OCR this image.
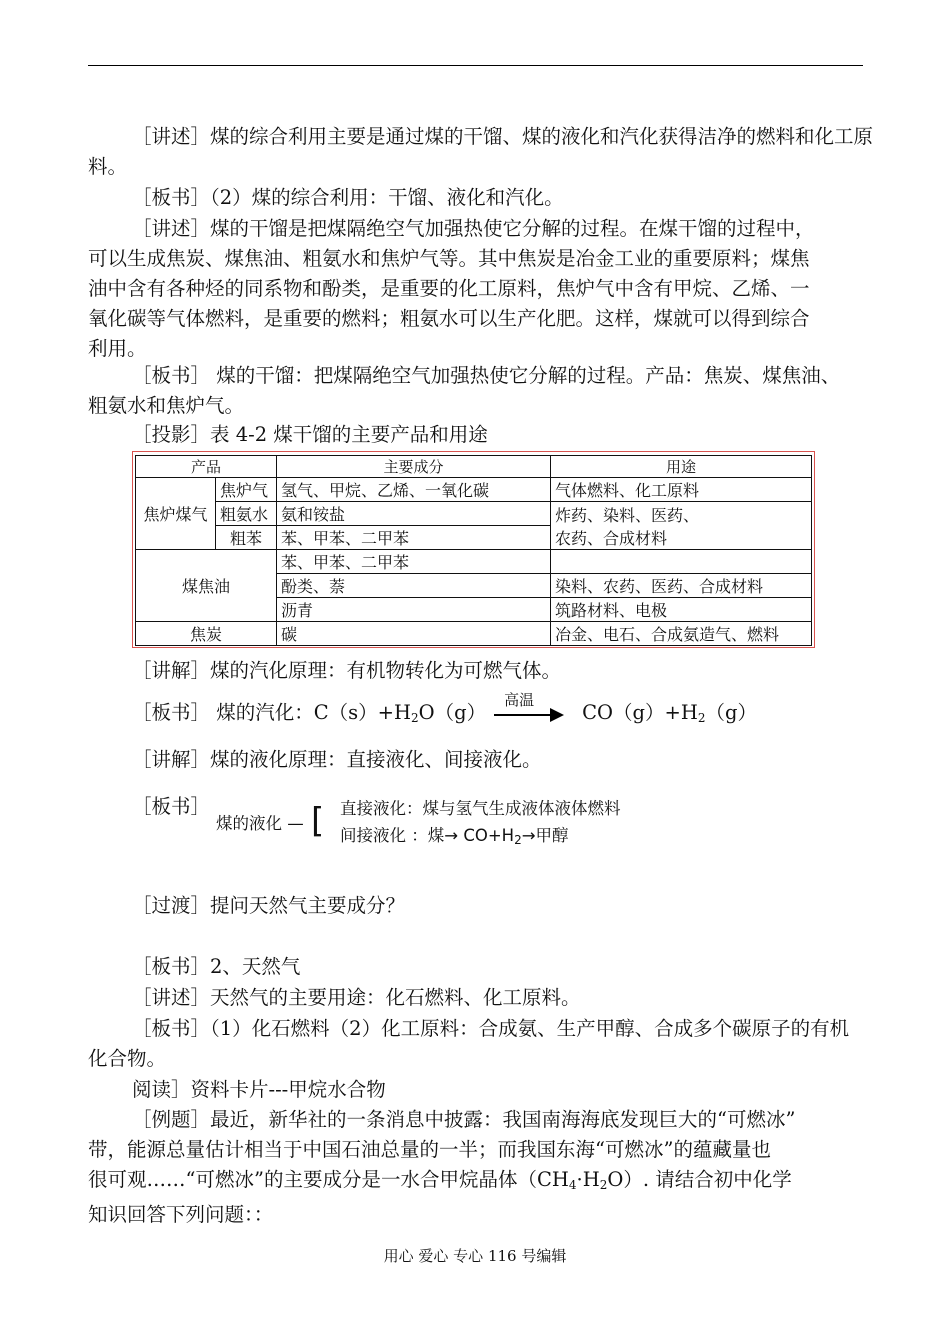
［讲述］煤的综合利用主要是通过煤的干馏、煤的液化和汽化获得洁净的燃料和化工原

料。

［板书］（2）煤的综合利用：干馏、液化和汽化。

［讲述］煤的干馏是把煤隔绝空气加强热使它分解的过程。在煤干馏的过程中，

可以生成焦炭、煤焦油、粗氨水和焦炉气等。其中焦炭是冶金工业的重要原料；煤焦
油中含有各种烃的同系物和酚类，是重要的化工原料，焦炉气中含有甲烷、乙烯、一
氧化碳等气体燃料，是重要的燃料；粗氨水可以生产化肥。这样，煤就可以得到综合
利用。

［板书］ 煤的干馏：把煤隔绝空气加强热使它分解的过程。产品：焦炭、煤焦油、

粗氨水和焦炉气。

［投影］表 4-2 煤干馏的主要产品和用途

产品		主要成分	用途
焦炉煤气	焦炉气	氢气、甲烷、乙烯、一氧化碳	气体燃料、化工原料
	粗氨水	氨和铵盐	炸药、染料、医药、
农药、合成材料

	粗苯	苯、甲苯、二甲苯	
煤焦油		苯、甲苯、二甲苯	
		酚类、萘	染料、农药、医药、合成材料
		沥青	筑路材料、电极
焦炭		碳	冶金、电石、合成氨造气、燃料

［讲解］煤的汽化原理：有机物转化为可燃气体。

［板书］ 煤的汽化：$C(s)+H_2O(g)$
高温
$CO(g)+H_2(g)$

［讲解］煤的液化原理：直接液化、间接液化。

［板书］
煤的液化 — [ 直接液化：煤与氢气生成液体液体燃料
间接液化 ：煤→ $CO+H_2\to$甲醇

［过渡］提问天然气主要成分？

［板书］2、天然气

［讲述］天然气的主要用途：化石燃料、化工原料。

［板书］（1）化石燃料（2）化工原料：合成氨、生产甲醇、合成多个碳原子的有机

化合物。

阅读］资料卡片---甲烷水合物

［例题］最近，新华社的一条消息中披露：我国南海海底发现巨大的“可燃冰”

带，能源总量估计相当于中国石油总量的一半；而我国东海“可燃冰”的蕴藏量也
很可观……“可燃冰”的主要成分是一水合甲烷晶体$(CH_4\cdot H_2O)$. 请结合初中化学
知识回答下列问题：：

用心 爱心 专心 116 号编辑
